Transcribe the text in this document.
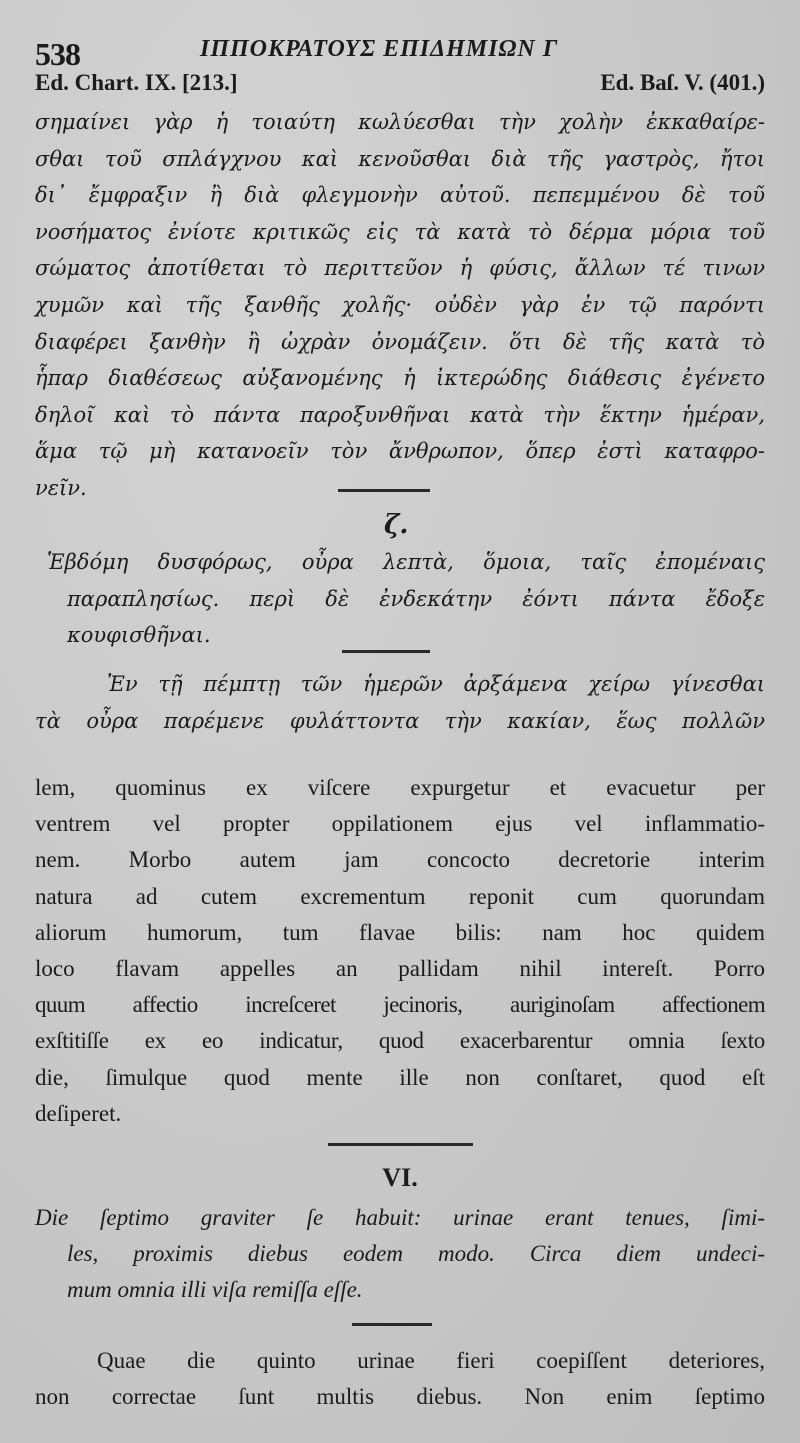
538	ΙΠΠΟΚΡΑΤΟΥΣ ΕΠΙΔΗΜΙΩΝ Γ
Ed. Chart. IX. [213.]	Ed. Baſ. V. (401.)
σημαίνει γὰρ ἡ τοιαύτη κωλύεσθαι τὴν χολὴν ἐκκαθαίρε-
σθαι τοῦ σπλάγχνου καὶ κενοῦσθαι διὰ τῆς γαστρὸς, ἤτοι
δι᾽ ἔμφραξιν ἢ διὰ φλεγμονὴν αὐτοῦ. πεπεμμένου δὲ τοῦ
νοσήματος ἐνίοτε κριτικῶς εἰς τὰ κατὰ τὸ δέρμα μόρια τοῦ
σώματος ἀποτίθεται τὸ περιττεῦον ἡ φύσις, ἄλλων τέ τινων
χυμῶν καὶ τῆς ξανθῆς χολῆς· οὐδὲν γὰρ ἐν τῷ παρόντι
διαφέρει ξανθὴν ἢ ὠχρὰν ὀνομάζειν. ὅτι δὲ τῆς κατὰ τὸ
ἧπαρ διαθέσεως αὐξανομένης ἡ ἰκτερώδης διάθεσις ἐγένετο
δηλοῖ καὶ τὸ πάντα παροξυνθῆναι κατὰ τὴν ἕκτην ἡμέραν,
ἅμα τῷ μὴ κατανοεῖν τὸν ἄνθρωπον, ὅπερ ἐστὶ καταφρο-
νεῖν.
ζ.
Ἑβδόμη δυσφόρως, οὖρα λεπτὰ, ὅμοια, ταῖς ἐπομέναις
παραπλησίως. περὶ δὲ ἐνδεκάτην ἐόντι πάντα ἔδοξε
κουφισθῆναι.
Ἐν τῇ πέμπτῃ τῶν ἡμερῶν ἀρξάμενα χείρω γίνεσθαι
τὰ οὖρα παρέμενε φυλάττοντα τὴν κακίαν, ἕως πολλῶν
lem, quominus ex viſcere expurgetur et evacuetur per
ventrem vel propter oppilationem ejus vel inflammatio-
nem. Morbo autem jam concocto decretorie interim
natura ad cutem excrementum reponit cum quorundam
aliorum humorum, tum flavae bilis: nam hoc quidem
loco flavam appelles an pallidam nihil intereſt. Porro
quum affectio increſceret jecinoris, auriginoſam affectionem
exſtitiſſe ex eo indicatur, quod exacerbarentur omnia ſexto
die, ſimulque quod mente ille non conſtaret, quod eſt
deſiperet.
VI.
Die ſeptimo graviter ſe habuit: urinae erant tenues, ſimi-
les, proximis diebus eodem modo. Circa diem undeci-
mum omnia illi viſa remiſſa eſſe.
Quae die quinto urinae fieri coepiſſent deteriores,
non correctae ſunt multis diebus. Non enim ſeptimo
